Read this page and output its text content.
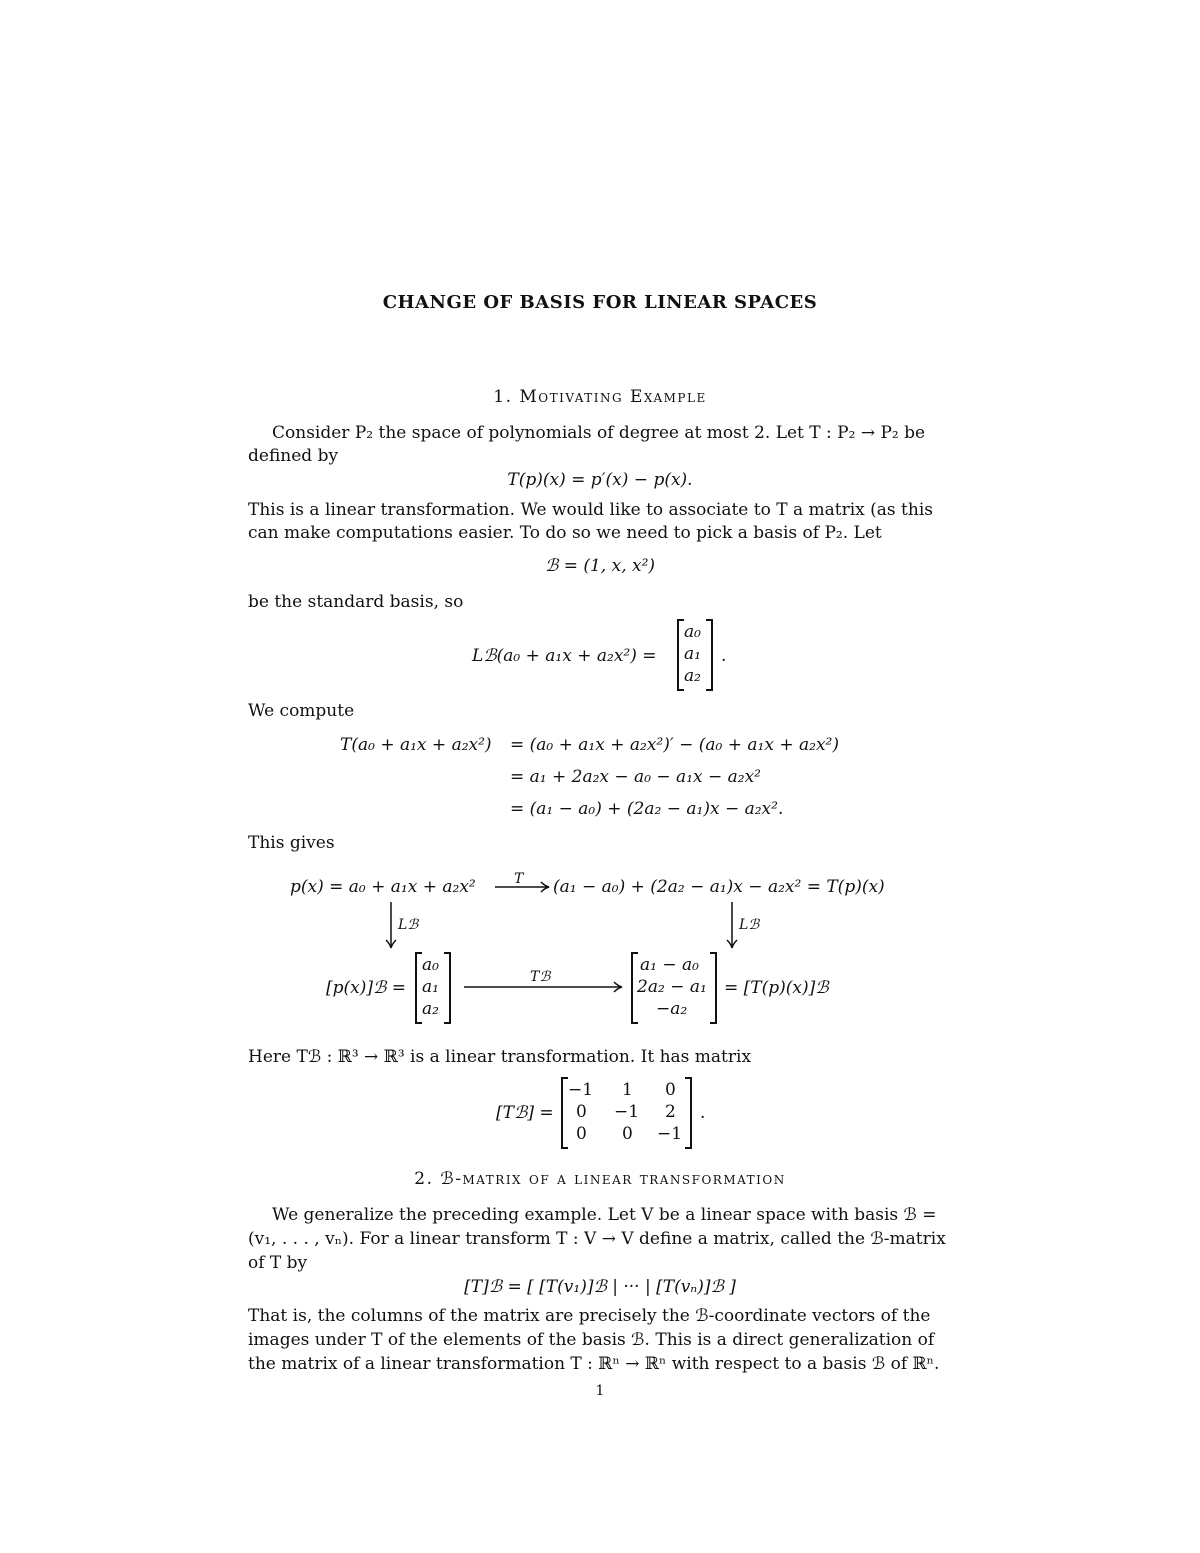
CHANGE OF BASIS FOR LINEAR SPACES
1. Motivating Example
Consider P₂ the space of polynomials of degree at most 2. Let T : P₂ → P₂ be
defined by
T(p)(x) = p′(x) − p(x).
This is a linear transformation. We would like to associate to T a matrix (as this
can make computations easier. To do so we need to pick a basis of P₂. Let
ℬ = (1, x, x²)
be the standard basis, so
Lℬ(a₀ + a₁x + a₂x²) =
a₀
a₁
a₂
.
We compute
T(a₀ + a₁x + a₂x²) = (a₀ + a₁x + a₂x²)′ − (a₀ + a₁x + a₂x²)
= a₁ + 2a₂x − a₀ − a₁x − a₂x²
= (a₁ − a₀) + (2a₂ − a₁)x − a₂x².
This gives
p(x) = a₀ + a₁x + a₂x²	T (a₁ − a₀) + (2a₂ − a₁)x − a₂x² = T(p)(x)
Lℬ	Lℬ
[p(x)]ℬ =
a₀
a₁
a₂
Tℬ
a₁ − a₀
2a₂ − a₁
−a₂
= [T(p)(x)]ℬ
Here Tℬ : ℝ³ → ℝ³ is a linear transformation. It has matrix
[Tℬ] =
−1 1 0
0 −1 2
0 0 −1
.
2. ℬ-matrix of a linear transformation
We generalize the preceding example. Let V be a linear space with basis ℬ =
(v₁, . . . , vₙ). For a linear transform T : V → V define a matrix, called the ℬ-matrix
of T by
[T]ℬ = [ [T(v₁)]ℬ | ··· | [T(vₙ)]ℬ ]
That is, the columns of the matrix are precisely the ℬ-coordinate vectors of the
images under T of the elements of the basis ℬ. This is a direct generalization of
the matrix of a linear transformation T : ℝⁿ → ℝⁿ with respect to a basis ℬ of ℝⁿ.
1
